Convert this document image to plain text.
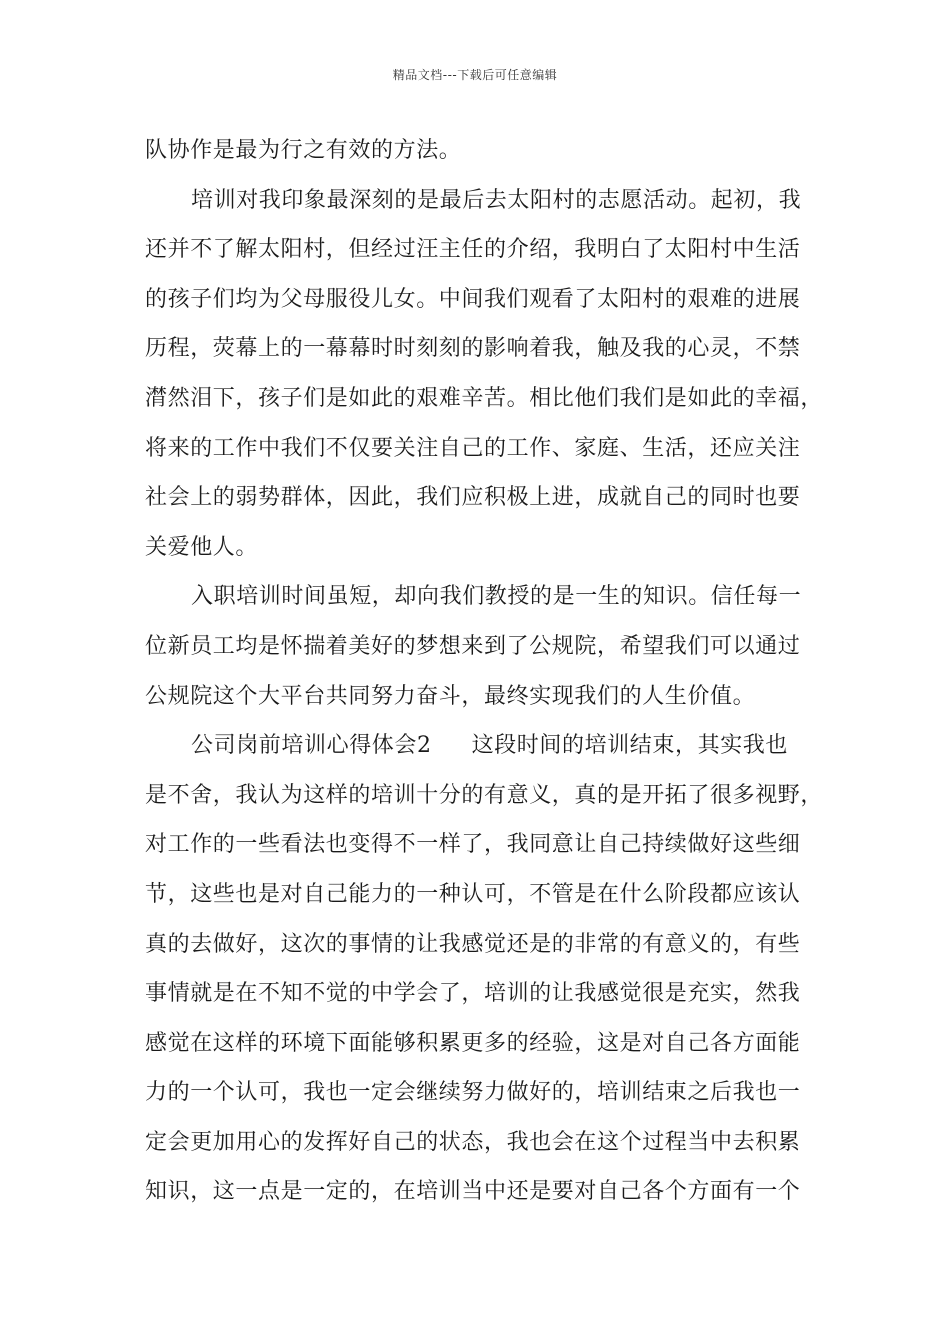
精品文档---下载后可任意编辑
队协作是最为行之有效的方法。
培训对我印象最深刻的是最后去太阳村的志愿活动。起初，我
还并不了解太阳村，但经过汪主任的介绍，我明白了太阳村中生活
的孩子们均为父母服役儿女。中间我们观看了太阳村的艰难的进展
历程，荧幕上的一幕幕时时刻刻的影响着我，触及我的心灵，不禁
潸然泪下，孩子们是如此的艰难辛苦。相比他们我们是如此的幸福，
将来的工作中我们不仅要关注自己的工作、家庭、生活，还应关注
社会上的弱势群体，因此，我们应积极上进，成就自己的同时也要
关爱他人。
入职培训时间虽短，却向我们教授的是一生的知识。信任每一
位新员工均是怀揣着美好的梦想来到了公规院，希望我们可以通过
公规院这个大平台共同努力奋斗，最终实现我们的人生价值。
公司岗前培训心得体会2 这段时间的培训结束，其实我也
是不舍，我认为这样的培训十分的有意义，真的是开拓了很多视野，
对工作的一些看法也变得不一样了，我同意让自己持续做好这些细
节，这些也是对自己能力的一种认可，不管是在什么阶段都应该认
真的去做好，这次的事情的让我感觉还是的非常的有意义的，有些
事情就是在不知不觉的中学会了，培训的让我感觉很是充实，然我
感觉在这样的环境下面能够积累更多的经验，这是对自己各方面能
力的一个认可，我也一定会继续努力做好的，培训结束之后我也一
定会更加用心的发挥好自己的状态，我也会在这个过程当中去积累
知识，这一点是一定的，在培训当中还是要对自己各个方面有一个
